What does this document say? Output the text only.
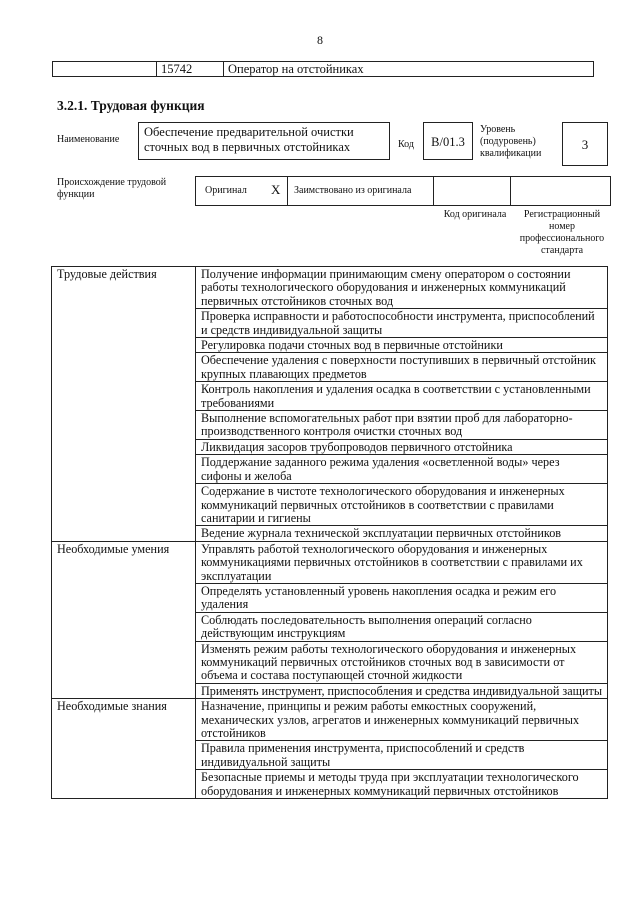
8
	15742	Оператор на отстойниках
3.2.1. Трудовая функция
Наименование
Обеспечение предварительной очистки сточных вод в первичных отстойниках	Код	B/01.3
Уровень (подуровень) квалификации
3
Происхождение трудовой функции	Оригинал X Заимствовано из оригинала
Код оригинала	Регистрационный номер профессионального стандарта
Трудовые действия	Получение информации принимающим смену оператором о состоянии работы технологического оборудования и инженерных коммуникаций первичных отстойников сточных вод
	Проверка исправности и работоспособности инструмента, приспособлений и средств индивидуальной защиты
	Регулировка подачи сточных вод в первичные отстойники
	Обеспечение удаления с поверхности поступивших в первичный отстойник крупных плавающих предметов
	Контроль накопления и удаления осадка в соответствии с установленными требованиями
	Выполнение вспомогательных работ при взятии проб для лабораторно-производственного контроля очистки сточных вод
	Ликвидация засоров трубопроводов первичного отстойника
	Поддержание заданного режима удаления «осветленной воды» через сифоны и желоба
	Содержание в чистоте технологического оборудования и инженерных коммуникаций первичных отстойников в соответствии с правилами санитарии и гигиены
	Ведение журнала технической эксплуатации первичных отстойников
Необходимые умения	Управлять работой технологического оборудования и инженерных коммуникациями первичных отстойников в соответствии с правилами их эксплуатации
	Определять установленный уровень накопления осадка и режим его удаления
	Соблюдать последовательность выполнения операций согласно действующим инструкциям
	Изменять режим работы технологического оборудования и инженерных коммуникаций первичных отстойников сточных вод в зависимости от объема и состава поступающей сточной жидкости
	Применять инструмент, приспособления и средства индивидуальной защиты
Необходимые знания	Назначение, принципы и режим работы емкостных сооружений, механических узлов, агрегатов и инженерных коммуникаций первичных отстойников
	Правила применения инструмента, приспособлений и средств индивидуальной защиты
	Безопасные приемы и методы труда при эксплуатации технологического оборудования и инженерных коммуникаций первичных отстойников
